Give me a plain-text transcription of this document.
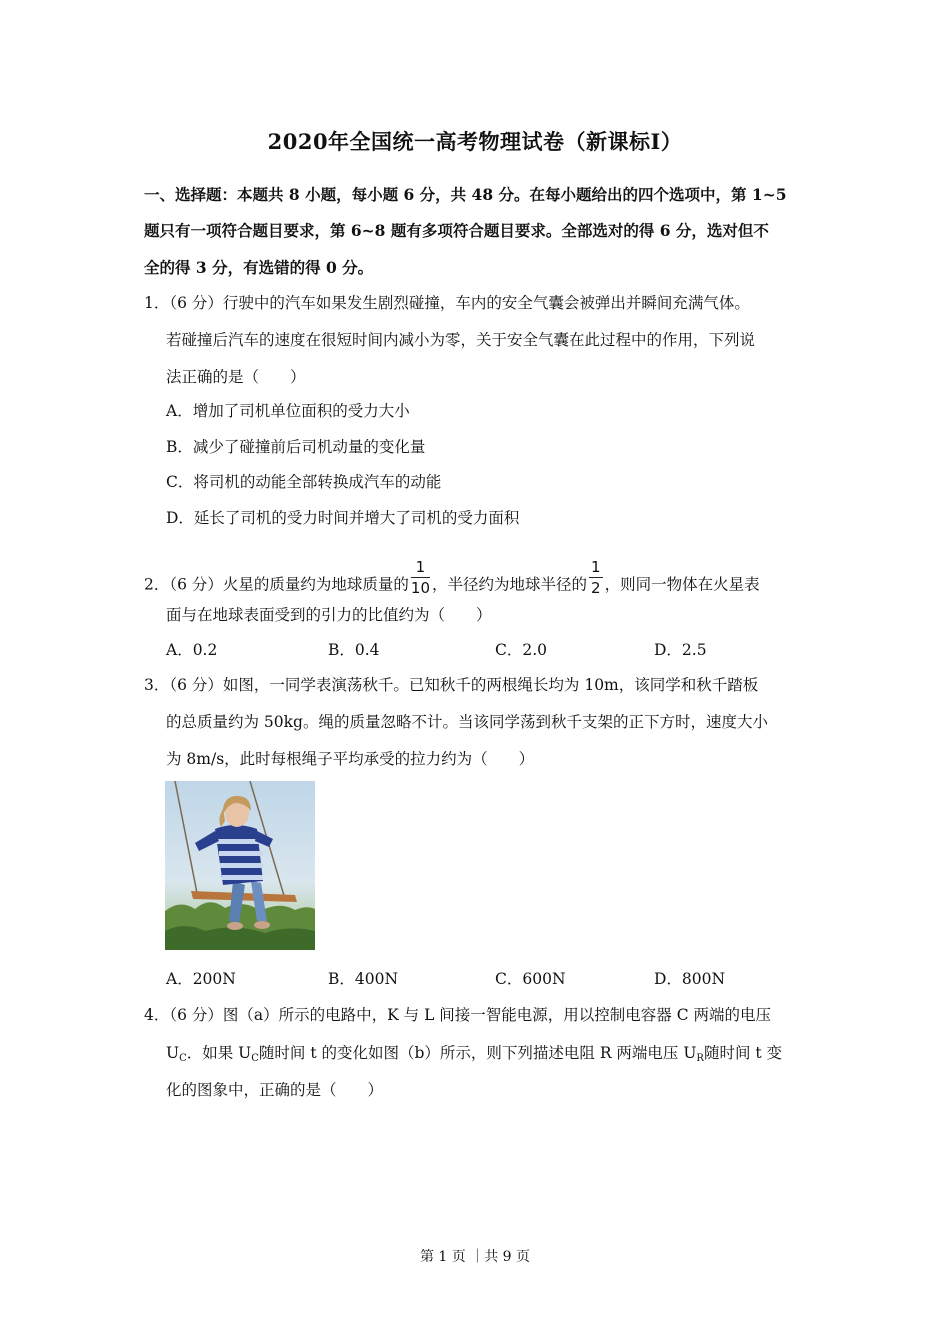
2020年全国统一高考物理试卷（新课标Ⅰ）
一、选择题：本题共 8 小题，每小题 6 分，共 48 分。在每小题给出的四个选项中，第 1~5
题只有一项符合题目要求，第 6~8 题有多项符合题目要求。全部选对的得 6 分，选对但不
全的得 3 分，有选错的得 0 分。
1．（6 分）行驶中的汽车如果发生剧烈碰撞，车内的安全气囊会被弹出并瞬间充满气体。
若碰撞后汽车的速度在很短时间内减小为零，关于安全气囊在此过程中的作用，下列说
法正确的是（　　）
A．增加了司机单位面积的受力大小
B．减少了碰撞前后司机动量的变化量
C．将司机的动能全部转换成汽车的动能
D．延长了司机的受力时间并增大了司机的受力面积
2．（6 分）火星的质量约为地球质量的 $\frac{1}{10}$ ，半径约为地球半径的 $\frac{1}{2}$ ，则同一物体在火星表
面与在地球表面受到的引力的比值约为（　　）
A．0.2	B．0.4	C．2.0	D．2.5
3．（6 分）如图，一同学表演荡秋千。已知秋千的两根绳长均为 10m，该同学和秋千踏板
的总质量约为 50kg。绳的质量忽略不计。当该同学荡到秋千支架的正下方时，速度大小
为 8m/s，此时每根绳子平均承受的拉力约为（　　）
A．200N	B．400N	C．600N	D．800N
4．（6 分）图（a）所示的电路中，K 与 L 间接一智能电源，用以控制电容器 C 两端的电压
$U_C$．如果 $U_C$随时间 t 的变化如图（b）所示，则下列描述电阻 R 两端电压 $U_R$随时间 t 变
化的图象中，正确的是（　　）
第 1 页 ｜共 9 页
